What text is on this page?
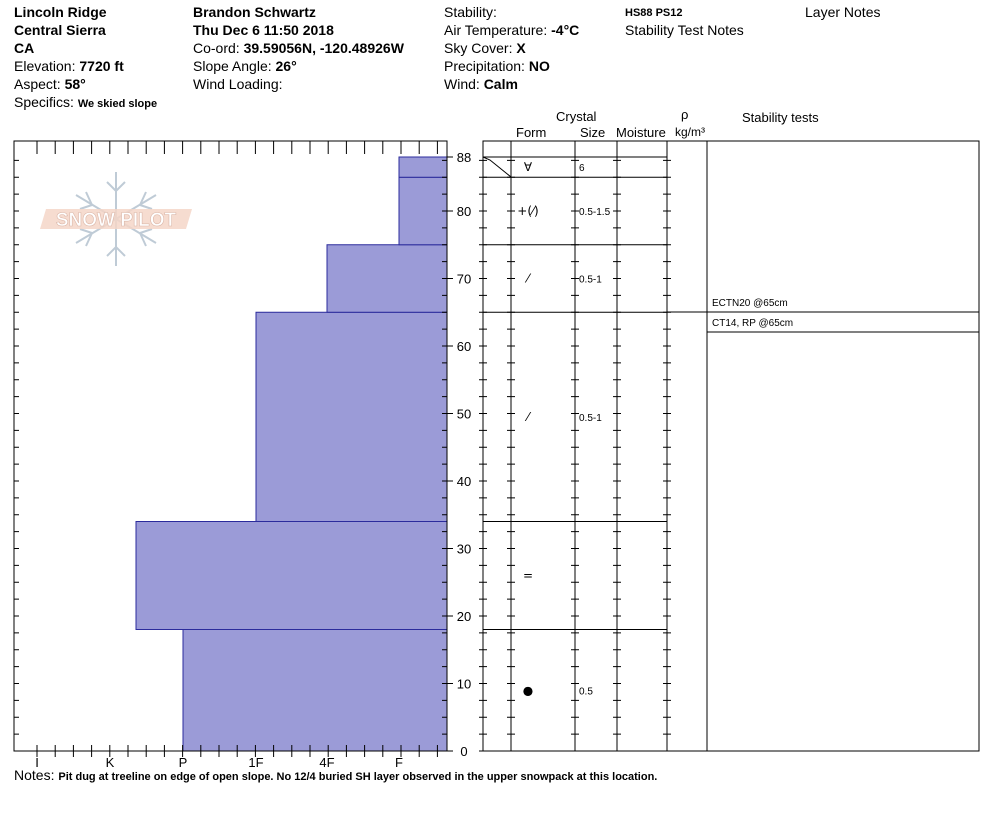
Lincoln Ridge
Central Sierra
CA
Elevation: 7720 ft
Aspect: 58°
Specifics: We skied slope
Brandon Schwartz
Thu Dec 6 11:50 2018
Co-ord: 39.59056N, -120.48926W
Slope Angle: 26°
Wind Loading:
Stability:
Air Temperature: -4°C
Sky Cover: X
Precipitation: NO
Wind: Calm
HS88 PS12
Stability Test Notes
Layer Notes
Crystal
Form	Size Moisture
ρ
kg/m³
Stability tests
SNOW PILOT
0
10
20
30
40
50
60
70
80
88
I	K	P	1F	4F	F
●	0.5
=
⁄	0.5-1
⁄	0.5-1
+(⁄)	0.5-1.5
∀	6
ECTN20 @65cm
CT14, RP @65cm
Notes: Pit dug at treeline on edge of open slope. No 12/4 buried SH layer observed in the upper snowpack at this location.
